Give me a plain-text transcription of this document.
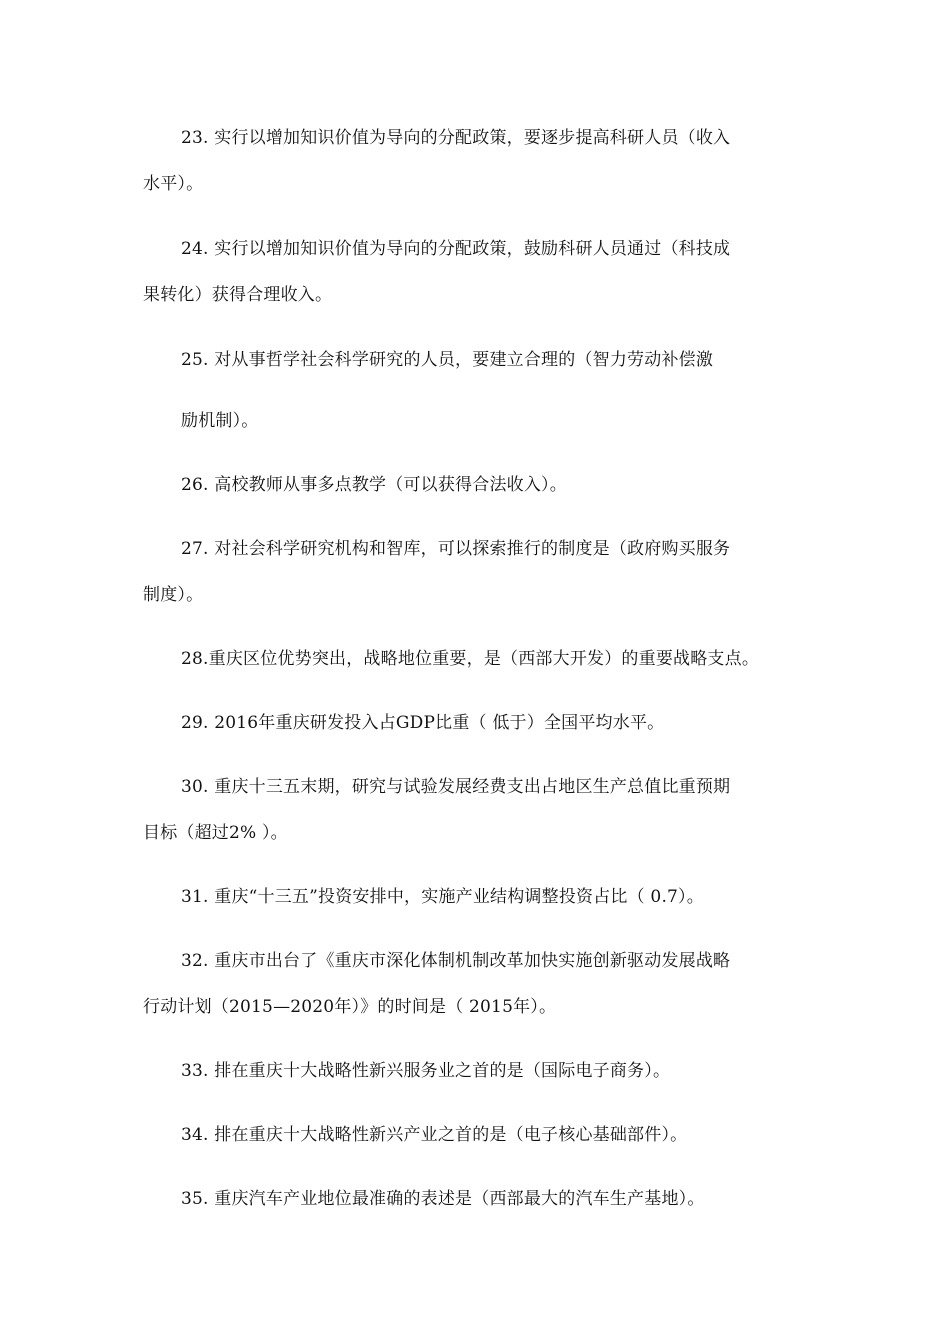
23. 实行以增加知识价值为导向的分配政策，要逐步提高科研人员（收入
水平）。
24. 实行以增加知识价值为导向的分配政策，鼓励科研人员通过（科技成
果转化）获得合理收入。
25. 对从事哲学社会科学研究的人员，要建立合理的（智力劳动补偿激
励机制）。
26. 高校教师从事多点教学（可以获得合法收入）。
27. 对社会科学研究机构和智库，可以探索推行的制度是（政府购买服务
制度）。
28.重庆区位优势突出，战略地位重要，是（西部大开发）的重要战略支点。
29. 2016年重庆研发投入占GDP比重（ 低于）全国平均水平。
30. 重庆十三五末期，研究与试验发展经费支出占地区生产总值比重预期
目标（超过2% ）。
31. 重庆“十三五”投资安排中，实施产业结构调整投资占比（ 0.7）。
32. 重庆市出台了《重庆市深化体制机制改革加快实施创新驱动发展战略
行动计划（2015—2020年）》的时间是（ 2015年）。
33. 排在重庆十大战略性新兴服务业之首的是（国际电子商务）。
34. 排在重庆十大战略性新兴产业之首的是（电子核心基础部件）。
35. 重庆汽车产业地位最准确的表述是（西部最大的汽车生产基地）。
